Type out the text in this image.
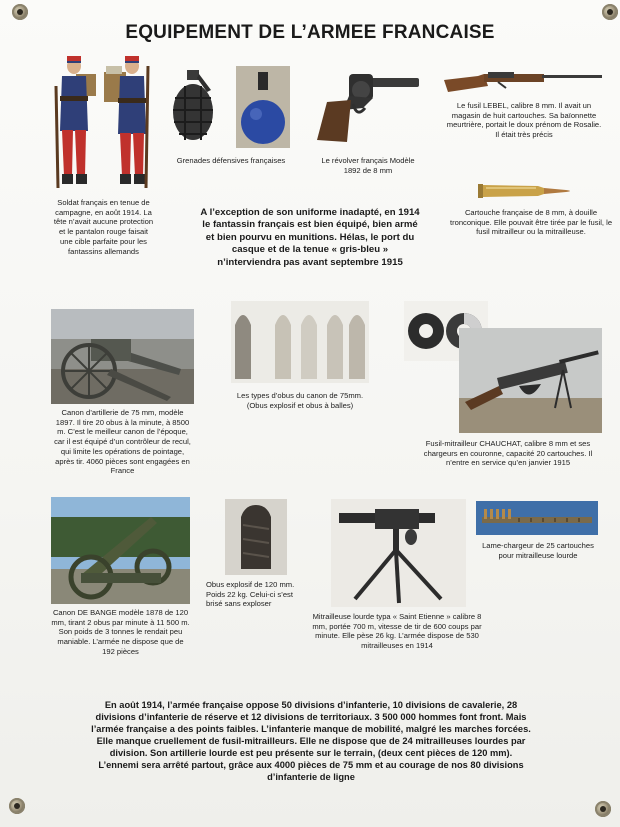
EQUIPEMENT DE L’ARMEE FRANCAISE
Soldat français en tenue de campagne, en août 1914. La tête n’avait aucune protection et le pantalon rouge faisait une cible parfaite pour les fantassins allemands
Grenades défensives françaises	Le révolver français Modèle 1892 de 8 mm
Le fusil LEBEL, calibre 8 mm. Il avait un magasin de huit cartouches. Sa baïonnette meurtrière, portait le doux prénom de Rosalie. Il était très précis
Cartouche française de 8 mm, à douille tronconique. Elle pouvait être tirée par le fusil, le fusil mitrailleur ou la mitrailleuse.
A l’exception de son uniforme inadapté, en 1914 le fantassin français est bien équipé, bien armé et bien pourvu en munitions. Hélas, le port du casque et de la tenue « gris-bleu » n’interviendra pas avant septembre 1915
Canon d’artillerie de 75 mm, modèle 1897. Il tire 20 obus à la minute, à 8500 m. C’est le meilleur canon de l’époque, car il est équipé d’un contrôleur de recul, qui limite les opérations de pointage, après tir. 4060 pièces sont engagées en France
Les types d’obus du canon de 75mm. (Obus explosif et obus à balles)
Fusil-mitrailleur CHAUCHAT, calibre 8 mm et ses chargeurs en couronne, capacité 20 cartouches. Il n’entre en service qu’en janvier 1915
Canon DE BANGE modèle 1878 de 120 mm, tirant 2 obus par minute à 11 500 m. Son poids de 3 tonnes le rendait peu maniable. L’armée ne dispose que de 192 pièces
Obus explosif de 120 mm. Poids 22 kg. Celui-ci s’est brisé sans exploser
Mitrailleuse lourde typa « Saint Etienne » calibre 8 mm, portée 700 m, vitesse de tir de 600 coups par minute. Elle pèse 26 kg. L’armée dispose de 530 mitrailleuses en 1914
Lame-chargeur de 25 cartouches pour mitrailleuse lourde
En août 1914, l’armée française oppose 50 divisions d’infanterie, 10 divisions de cavalerie, 28 divisions d’infanterie de réserve et 12 divisions de territoriaux. 3 500 000 hommes font front. Mais l’armée française a des points faibles. L’infanterie manque de mobilité, malgré les marches forcées. Elle manque cruellement de fusil-mitrailleurs. Elle ne dispose que de 24 mitrailleuses lourdes par division. Son artillerie lourde est peu présente sur le terrain, (deux cent pièces de 120 mm). L’ennemi sera arrêté partout, grâce aux 4000 pièces de 75 mm et au courage de nos 80 divisions d’infanterie de ligne
